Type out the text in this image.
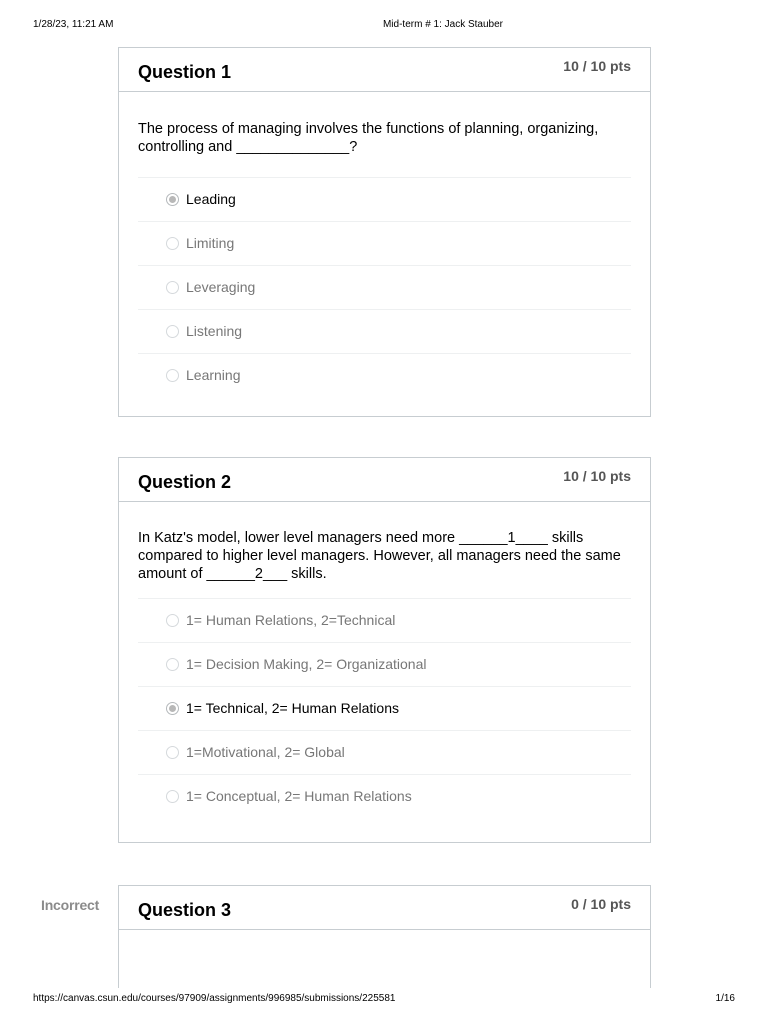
1/28/23, 11:21 AM	Mid-term # 1: Jack Stauber
Question 1	10 / 10 pts
The process of managing involves the functions of planning, organizing, controlling and ______________?
Leading
Limiting
Leveraging
Listening
Learning
Question 2	10 / 10 pts
In Katz's model, lower level managers need more ______1____ skills compared to higher level managers. However, all managers need the same amount of ______2___ skills.
1= Human Relations, 2=Technical
1= Decision Making, 2= Organizational
1= Technical, 2= Human Relations
1=Motivational, 2= Global
1= Conceptual, 2= Human Relations
Incorrect Question 3	0 / 10 pts
https://canvas.csun.edu/courses/97909/assignments/996985/submissions/225581	1/16
